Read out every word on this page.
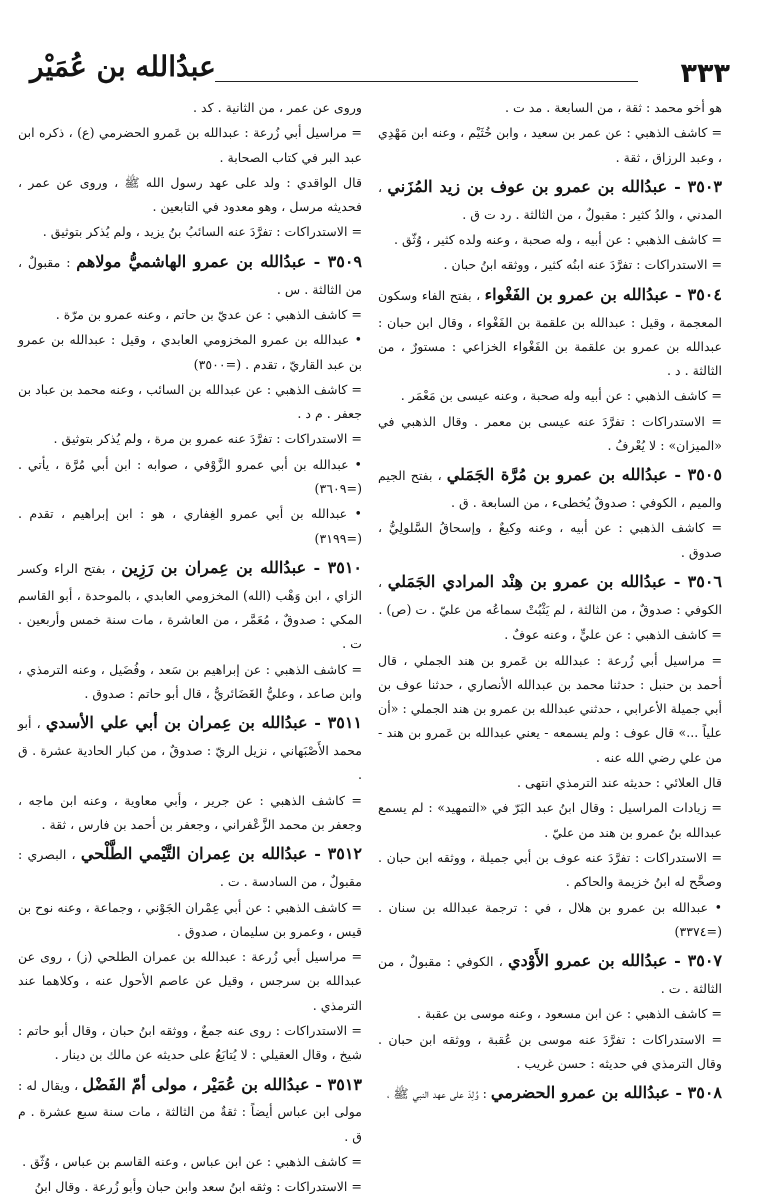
٣٣٣
عبدُالله بن عُمَيْر

هو أخو محمد : ثقة ، من السابعة . مد ت .

= كاشف الذهبي : عن عمر بن سعيد ، وابن خُثَيْم ، وعنه ابن مَهْدِي ، وعبد الرزاق ، ثقة .

٣٥٠٣ - عبدُالله بن عمرو بن عوف بن زيد المُزَني ، المدني ، والدُ كثير : مقبولٌ ، من الثالثة . رد ت ق .

= كاشف الذهبي : عن أبيه ، وله صحبة ، وعنه ولده كثير ، وُثّق .

= الاستدراكات : تفرَّدَ عنه ابنُه كثير ، ووثقه ابنُ حبان .

٣٥٠٤ - عبدُالله بن عمرو بن الفَغْواء ، بفتح الفاء وسكون المعجمة ، وقيل : عبدالله بن علقمة بن الفَغْواء ، وقال ابن حبان : عبدالله بن عمرو بن علقمة بن الفَغْواء الخزاعي : مستورٌ ، من الثالثة . د .

= كاشف الذهبي : عن أبيه وله صحبة ، وعنه عيسى بن مَعْمَر .

= الاستدراكات : تفرَّدَ عنه عيسى بن معمر . وقال الذهبي في «الميزان» : لا يُعْرفُ .

٣٥٠٥ - عبدُالله بن عمرو بن مُرَّة الجَمَلي ، بفتح الجيم والميم ، الكوفي : صدوقٌ يُخطىء ، من السابعة . ق .

= كاشف الذهبي : عن أبيه ، وعنه وكيعٌ ، وإسحاقُ السَّلولِيُّ ، صدوق .

٣٥٠٦ - عبدُالله بن عمرو بن هِنْد المرادي الجَمَلي ، الكوفي : صدوقٌ ، من الثالثة ، لم يَثْبُتْ سماعُه من عليّ . ت (ص) .

= كاشف الذهبي : عن عليٍّ ، وعنه عوفٌ .

= مراسيل أبي زُرعة : عبدالله بن عَمرو بن هند الجملي ، قال أحمد بن حنبل : حدثنا محمد بن عبدالله الأنصاري ، حدثنا عوف بن أبي جميلة الأعرابي ، حدثني عبدالله بن عمرو بن هند الجملي : «أن علياً ...» قال عوف : ولم يسمعه - يعني عبدالله بن عَمرو بن هند - من علي رضي الله عنه .

قال العلائي : حديثه عند الترمذي انتهى .

= زيادات المراسيل : وقال ابنُ عبد البَرّ في «التمهيد» : لم يسمع عبدالله بنُ عمرو بن هند من عليّ .

= الاستدراكات : تفرَّدَ عنه عوف بن أبي جميلة ، ووثقه ابن حبان . وصحَّح له ابنُ خزيمة والحاكم .

• عبدالله بن عمرو بن هلال ، في : ترجمة عبدالله بن سنان . (=٣٣٧٤)

٣٥٠٧ - عبدُالله بن عمرو الأَوْدي ، الكوفي : مقبولٌ ، من الثالثة . ت .

= كاشف الذهبي : عن ابن مسعود ، وعنه موسى بن عقبة .

= الاستدراكات : تفرَّدَ عنه موسى بن عُقبة ، ووثقه ابن حبان . وقال الترمذي في حديثه : حسن غريب .

٣٥٠٨ - عبدُالله بن عمرو الحضرمي : وُلِدَ على عهد النبي ﷺ ،

وروى عن عمر ، من الثانية . كد .

= مراسيل أبي زُرعة : عبدالله بن عَمرو الحضرمي (ع) ، ذكره ابن عبد البر في كتاب الصحابة .

قال الواقدي : ولد على عهد رسول الله ﷺ ، وروى عن عمر ، فحديثه مرسل ، وهو معدود في التابعين .

= الاستدراكات : تفرَّدَ عنه السائبُ بنُ يزيد ، ولم يُذكر بتوثيق .

٣٥٠٩ - عبدُالله بن عمرو الهاشميُّ مولاهم : مقبولٌ ، من الثالثة . س .

= كاشف الذهبي : عن عديّ بن حاتم ، وعنه عمرو بن مرّة .

• عبدالله بن عمرو المخزومي العابدي ، وقيل : عبدالله بن عمرو بن عبد القاريّ ، تقدم . (=٣٥٠٠)

= كاشف الذهبي : عن عبدالله بن السائب ، وعنه محمد بن عباد بن جعفر . م د .

= الاستدراكات : تفرَّدَ عنه عمرو بن مرة ، ولم يُذكر بتوثيق .

• عبدالله بن أبي عمرو الزَّوْفي ، صوابه : ابن أبي مُرَّة ، يأتي . (=٣٦٠٩)

• عبدالله بن أبي عمرو الغِفاري ، هو : ابن إبراهيم ، تقدم . (=٣١٩٩)

٣٥١٠ - عبدُالله بن عِمران بن رَزِين ، بفتح الراء وكسر الزاي ، ابن وَهْب (الله) المخزومي العابدي ، بالموحدة ، أبو القاسم المكي : صدوقٌ ، مُعَمَّر ، من العاشرة ، مات سنة خمس وأربعين . ت .

= كاشف الذهبي : عن إبراهيم بن سَعد ، وفُضَيل ، وعنه الترمذي ، وابن صاعد ، وعليُّ الغَضَائريُّ ، قال أبو حاتم : صدوق .

٣٥١١ - عبدُالله بن عِمران بن أبي علي الأسدي ، أبو محمد الأَصْبَهاني ، نزيل الريّ : صدوقٌ ، من كبار الحادية عشرة . ق .

= كاشف الذهبي : عن جرير ، وأبي معاوية ، وعنه ابن ماجه ، وجعفر بن محمد الزَّعْفراني ، وجعفر بن أحمد بن فارس ، ثقة .

٣٥١٢ - عبدُالله بن عِمران التَّيْمي الطَّلْحي ، البصري : مقبولٌ ، من السادسة . ت .

= كاشف الذهبي : عن أبي عِمْران الجَوْني ، وجماعة ، وعنه نوح بن قيس ، وعمرو بن سليمان ، صدوق .

= مراسيل أبي زُرعة : عبدالله بن عمران الطلحي (ز) ، روى عن عبدالله بن سرجس ، وقيل عن عاصم الأحول عنه ، وكلاهما عند الترمذي .

= الاستدراكات : روى عنه جمعٌ ، ووثقه ابنُ حبان ، وقال أبو حاتم : شيخ ، وقال العقيلي : لا يُتابَعُ على حديثه عن مالك بن دينار .

٣٥١٣ - عبدُالله بن عُمَيْر ، مولى أمّ الفَضْل ، ويقال له : مولى ابن عباس أيضاً : ثقةٌ من الثالثة ، مات سنة سبع عشرة . م ق .

= كاشف الذهبي : عن ابن عباس ، وعنه القاسم بن عباس ، وُثّق .

= الاستدراكات : وثقه ابنُ سعد وابن حبان وأبو زُرعة . وقال ابنُ
